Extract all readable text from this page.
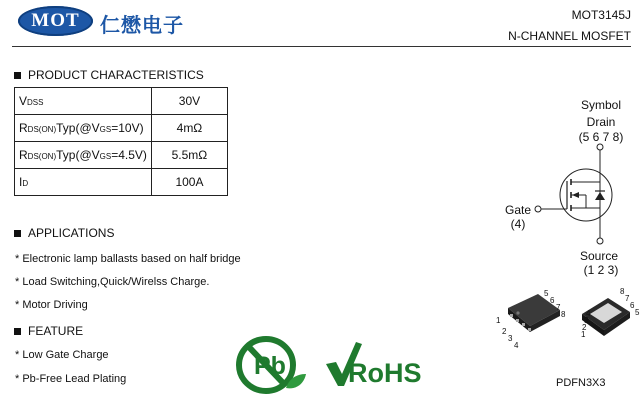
MOT 仁懋电子	MOT3145J
N-CHANNEL MOSFET
PRODUCT CHARACTERISTICS
VDSS	30V
RDS(ON)Typ(@VGS=10V)	4mΩ
RDS(ON)Typ(@VGS=4.5V)	5.5mΩ
ID	100A
APPLICATIONS
* Electronic lamp ballasts based on half bridge
* Load Switching,Quick/Wirelss Charge.
* Motor Driving
FEATURE
* Low Gate Charge
* Pb-Free Lead Plating	Pb RoHS
Symbol
Drain
(5 6 7 8)
Gate
(4)
Source
(1 2 3)
1
2
3
4
5
6
7
8
1
2
3
4	5
6
7
8
PDFN3X3
